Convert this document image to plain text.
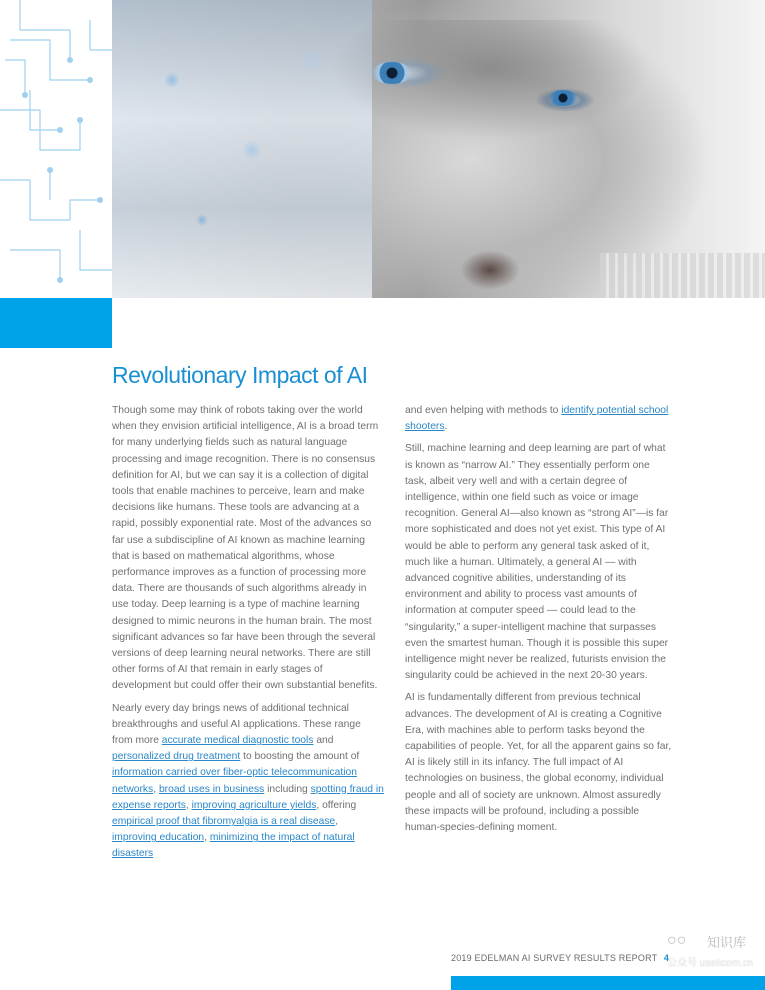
Revolutionary Impact of AI

Though some may think of robots taking over the world when they envision artificial intelligence, AI is a broad term for many underlying fields such as natural language processing and image recognition. There is no consensus definition for AI, but we can say it is a collection of digital tools that enable machines to perceive, learn and make decisions like humans. These tools are advancing at a rapid, possibly exponential rate. Most of the advances so far use a subdiscipline of AI known as machine learning that is based on mathematical algorithms, whose performance improves as a function of processing more data. There are thousands of such algorithms already in use today. Deep learning is a type of machine learning designed to mimic neurons in the human brain. The most significant advances so far have been through the several versions of deep learning neural networks. There are still other forms of AI that remain in early stages of development but could offer their own substantial benefits.

Nearly every day brings news of additional technical breakthroughs and useful AI applications. These range from more accurate medical diagnostic tools and personalized drug treatment to boosting the amount of information carried over fiber-optic telecommunication networks, broad uses in business including spotting fraud in expense reports, improving agriculture yields, offering empirical proof that fibromyalgia is a real disease, improving education, minimizing the impact of natural disasters

and even helping with methods to identify potential school shooters.

Still, machine learning and deep learning are part of what is known as “narrow AI.” They essentially perform one task, albeit very well and with a certain degree of intelligence, within one field such as voice or image recognition. General AI—also known as “strong AI”—is far more sophisticated and does not yet exist. This type of AI would be able to perform any general task asked of it, much like a human. Ultimately, a general AI — with advanced cognitive abilities, understanding of its environment and ability to process vast amounts of information at computer speed — could lead to the “singularity,” a super-intelligent machine that surpasses even the smartest human. Though it is possible this super intelligence might never be realized, futurists envision the singularity could be achieved in the next 20-30 years.

AI is fundamentally different from previous technical advances. The development of AI is creating a Cognitive Era, with machines able to perform tasks beyond the capabilities of people. Yet, for all the apparent gains so far, AI is likely still in its infancy. The full impact of AI technologies on business, the global economy, individual people and all of society are unknown. Almost assuredly these impacts will be profound, including a possible human-species-defining moment.

○○ 知识库
公众号 useitcom.cn
2019 EDELMAN AI SURVEY RESULTS REPORT 4
